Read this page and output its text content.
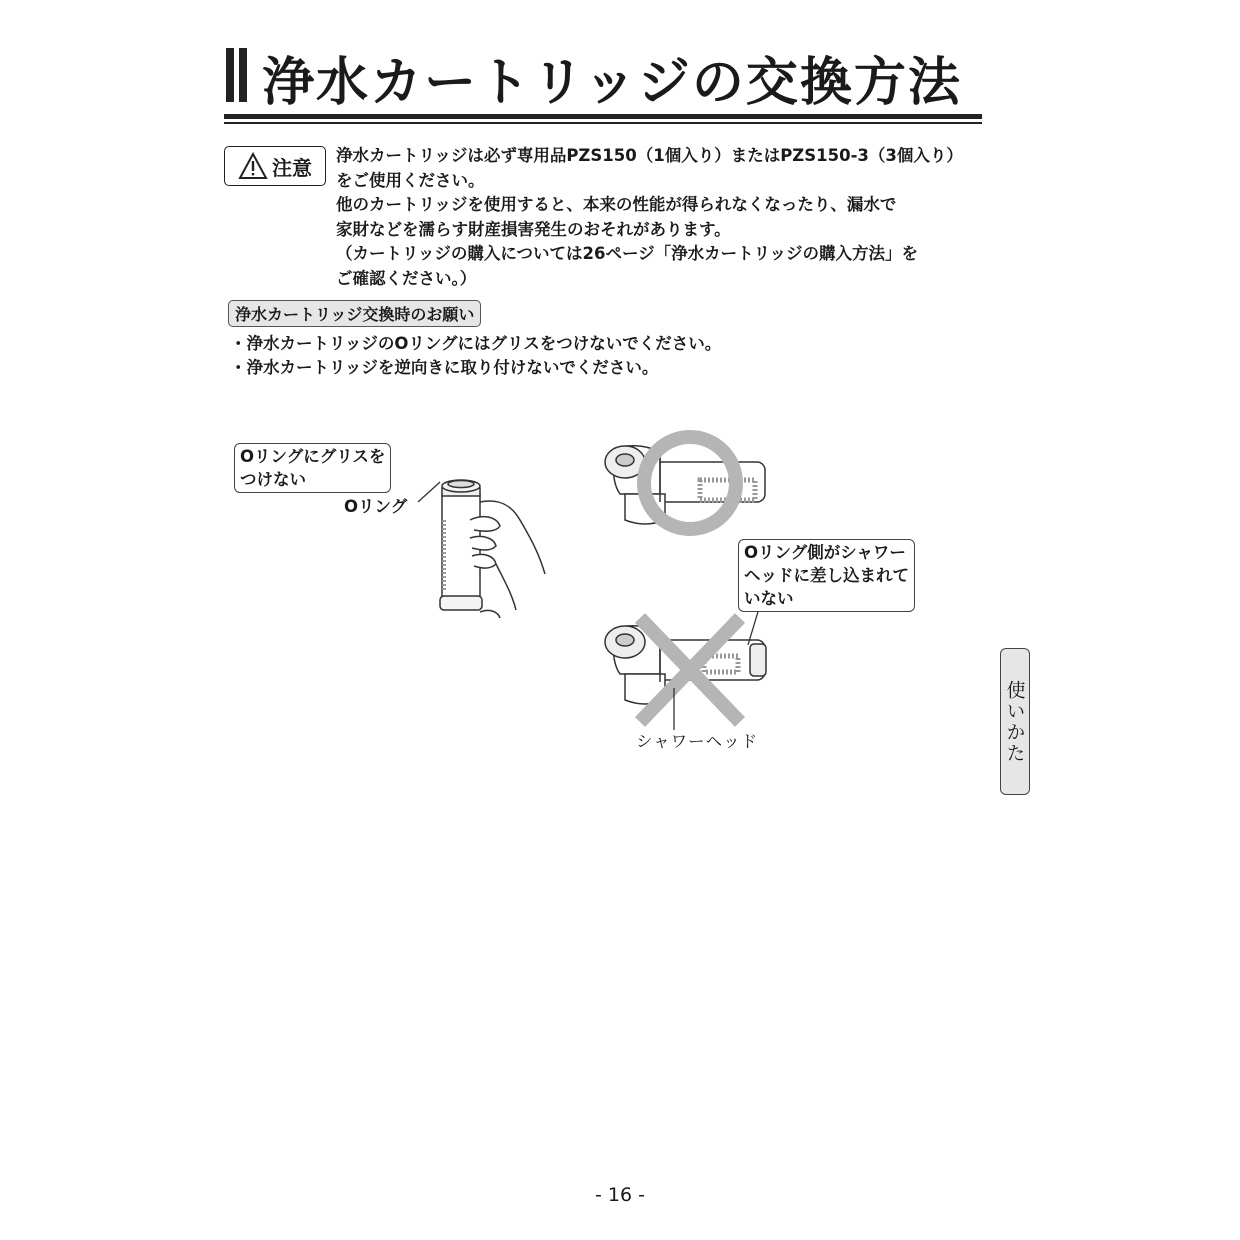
浄水カートリッジの交換方法
注意 浄水カートリッジは必ず専用品PZS150（1個入り）またはPZS150-3（3個入り）
をご使用ください。
他のカートリッジを使用すると、本来の性能が得られなくなったり、漏水で
家財などを濡らす財産損害発生のおそれがあります。
（カートリッジの購入については26ページ「浄水カートリッジの購入方法」を
ご確認ください。）
浄水カートリッジ交換時のお願い
・浄水カートリッジのOリングにはグリスをつけないでください。
・浄水カートリッジを逆向きに取り付けないでください。
Oリングにグリスを
つけない
Oリング
Oリング側がシャワー
ヘッドに差し込まれて
いない
シャワーヘッド	使いかた
- 16 -
